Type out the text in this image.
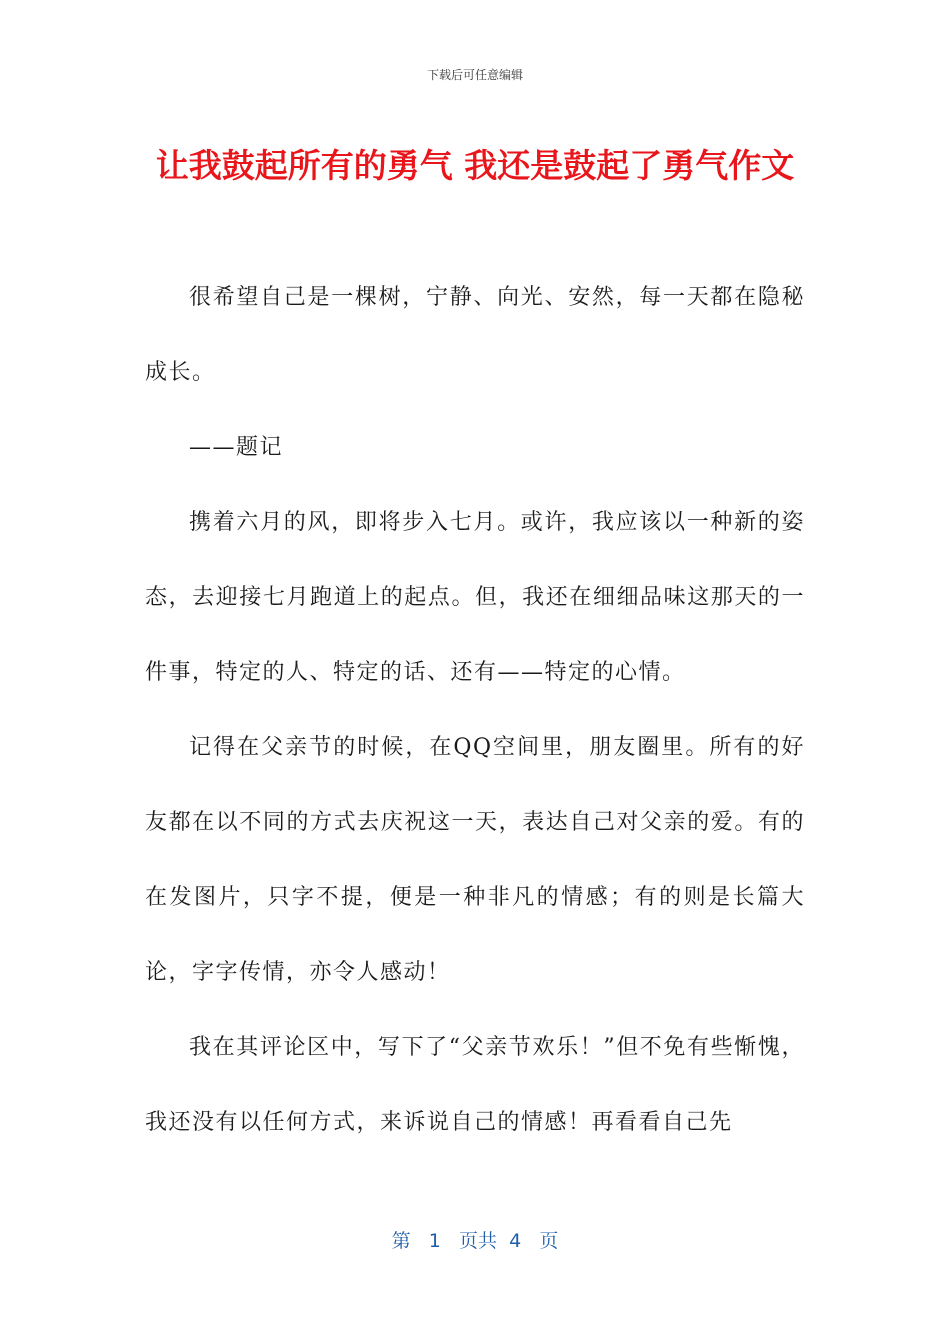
下载后可任意编辑
让我鼓起所有的勇气 我还是鼓起了勇气作文

很希望自己是一棵树，宁静、向光、安然，每一天都在隐秘成长。

——题记

携着六月的风，即将步入七月。或许，我应该以一种新的姿态，去迎接七月跑道上的起点。但，我还在细细品味这那天的一件事，特定的人、特定的话、还有——特定的心情。

记得在父亲节的时候，在QQ空间里，朋友圈里。所有的好友都在以不同的方式去庆祝这一天，表达自己对父亲的爱。有的在发图片，只字不提，便是一种非凡的情感；有的则是长篇大论，字字传情，亦令人感动！

我在其评论区中，写下了“父亲节欢乐！”但不免有些惭愧，我还没有以任何方式，来诉说自己的情感！再看看自己先

第 1 页共 4 页
